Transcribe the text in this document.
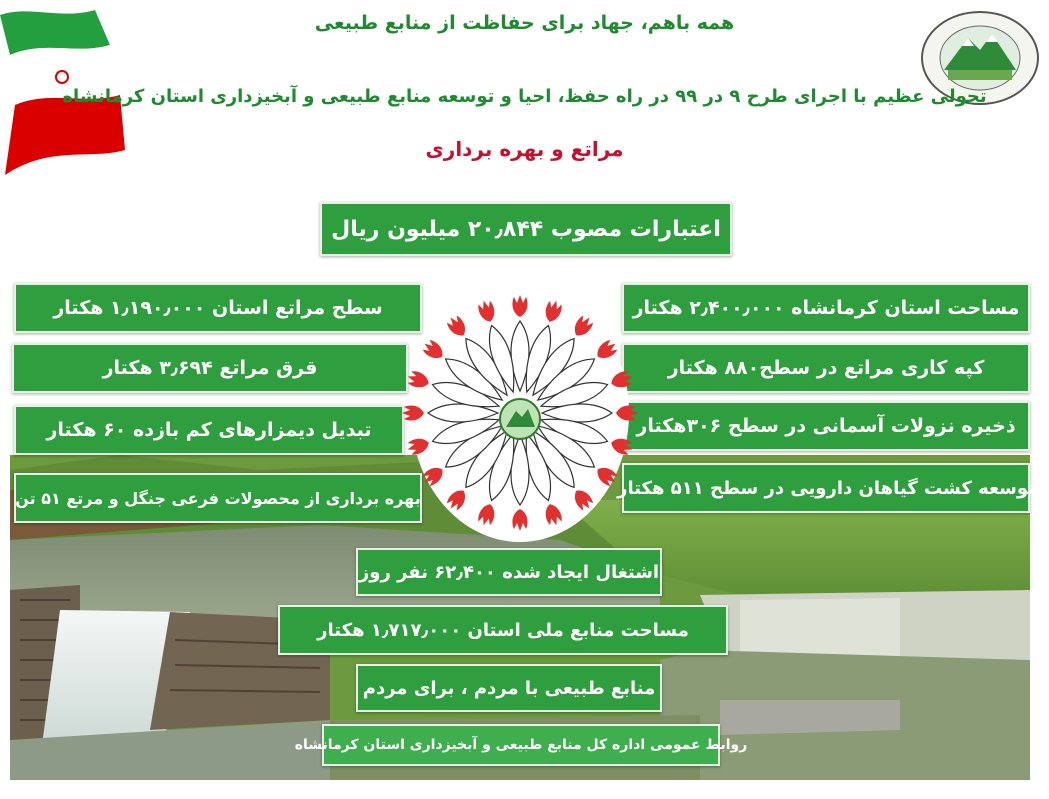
همه باهم، جهاد برای حفاظت از منابع طبیعی
تحولی عظیم با اجرای طرح ۹ در ۹۹ در راه حفظ، احیا و توسعه منابع طبیعی و آبخیزداری استان کرمانشاه
مراتع و بهره برداری
اعتبارات مصوب ۲۰٫۸۴۴ میلیون ریال
مساحت استان کرمانشاه ۲٫۴۰۰٫۰۰۰ هکتار
کپه کاری مراتع در سطح۸۸۰ هکتار
ذخیره نزولات آسمانی در سطح ۳۰۶هکتار
توسعه کشت گیاهان دارویی در سطح ۵۱۱ هکتار
سطح مراتع استان ۱٫۱۹۰٫۰۰۰ هکتار
قرق مراتع ۳٫۶۹۴ هکتار
تبدیل دیمزارهای کم بازده ۶۰ هکتار
بهره برداری از محصولات فرعی جنگل و مرتع ۵۱ تن
اشتغال ایجاد شده ۶۲٫۴۰۰ نفر روز
مساحت منابع ملی استان ۱٫۷۱۷٫۰۰۰ هکتار
منابع طبیعی با مردم ، برای مردم
روابط عمومی اداره کل منابع طبیعی و آبخیزداری استان کرمانشاه
